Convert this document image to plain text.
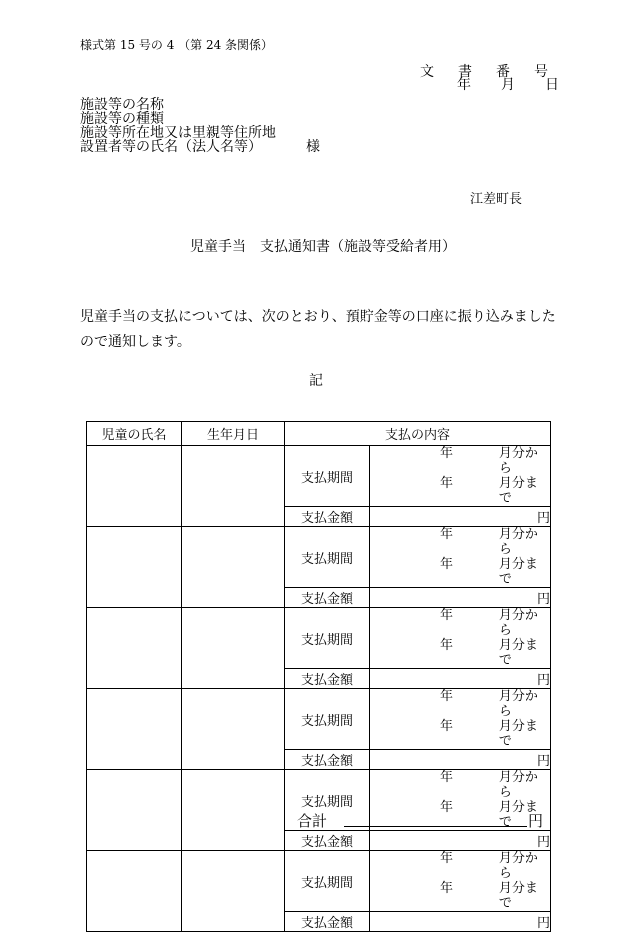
様式第 15 号の 4 （第 24 条関係）
文書番号
年月日
施設等の名称
施設等の種類
施設等所在地又は里親等住所地
設置者等の氏名（法人名等）	様
江差町長
児童手当　支払通知書（施設等受給者用）
児童手当の支払については、次のとおり、預貯金等の口座に振り込みましたので通知します。
記
児童の氏名	生年月日	支払の内容	
		支払期間	年 月分から
年 月分まで

		支払金額	円
		支払期間	年 月分から
年 月分まで

		支払金額	円
		支払期間	年 月分から
年 月分まで

		支払金額	円
		支払期間	年 月分から
年 月分まで

		支払金額	円
		支払期間	年 月分から
年 月分まで

		支払金額	円
		支払期間	年 月分から
年 月分まで

		支払金額	円
合計	円
